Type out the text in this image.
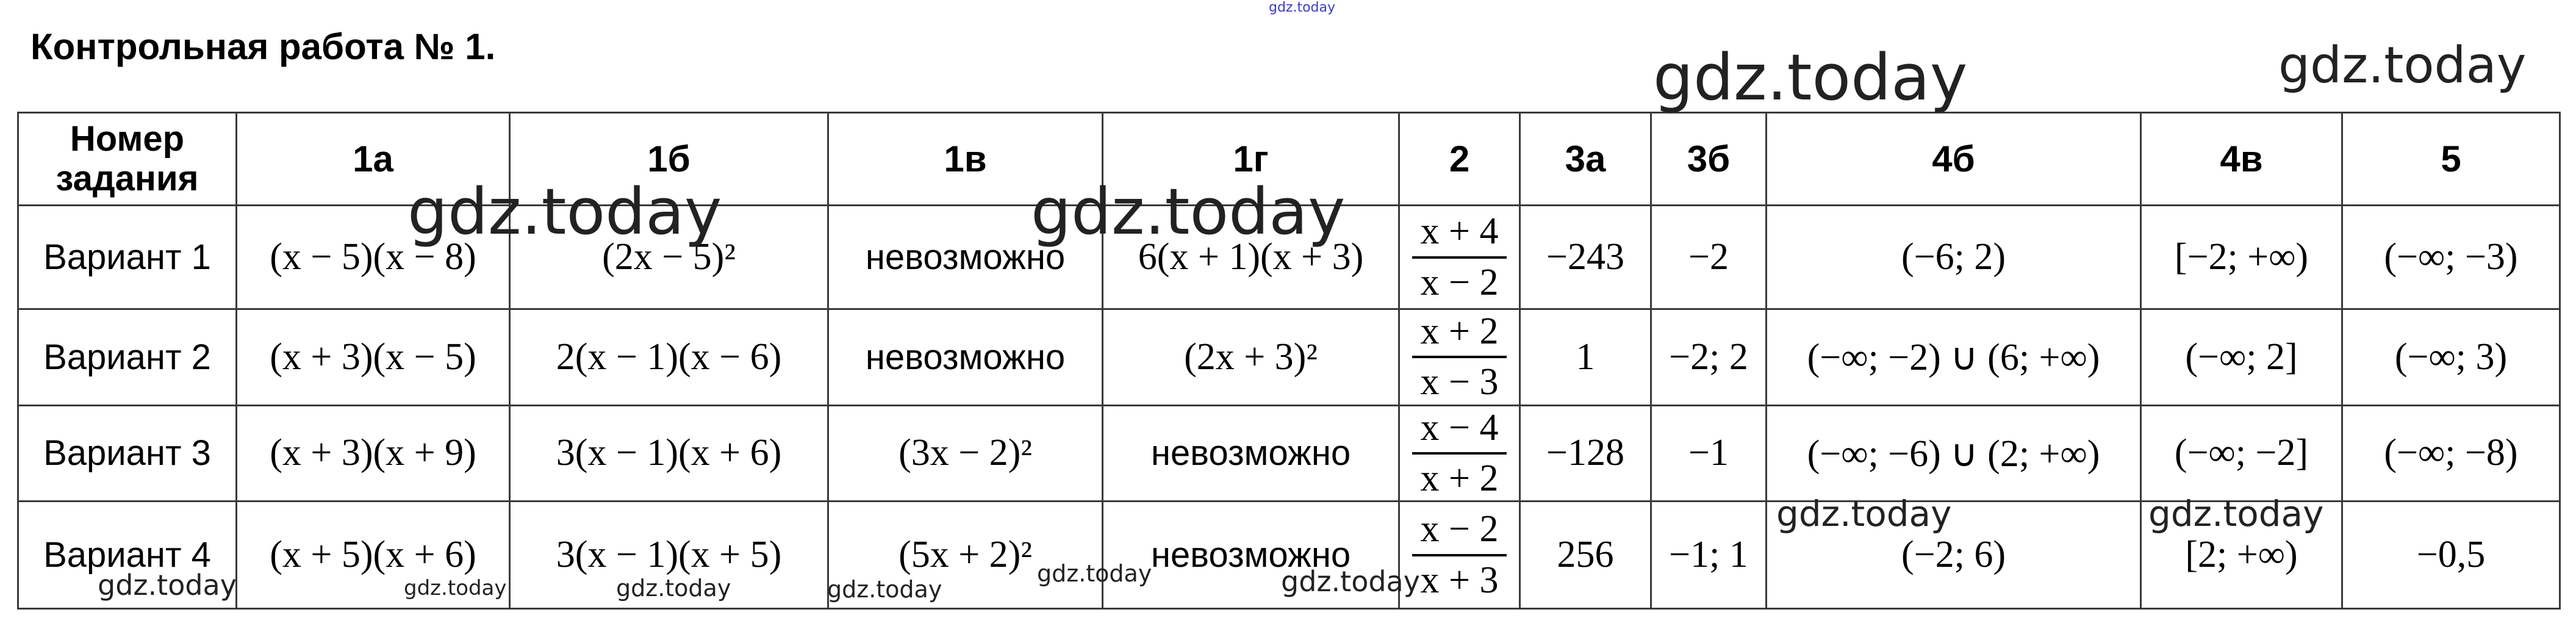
Контрольная работа № 1.
Номер задания	1а	1б	1в	1г	2	3а	3б	4б	4в	5
Вариант 1	(x − 5)(x − 8)	(2x − 5)²	невозможно	6(x + 1)(x + 3)	$\frac{x + 4}{x - 2}$	−243	−2	(−6; 2)	[−2; +∞)	(−∞; −3)
Вариант 2	(x + 3)(x − 5)	2(x − 1)(x − 6)	невозможно	(2x + 3)²	$\frac{x + 2}{x - 3}$	1	−2; 2	(−∞; −2) ∪ (6; +∞)	(−∞; 2]	(−∞; 3)
Вариант 3	(x + 3)(x + 9)	3(x − 1)(x + 6)	(3x − 2)²	невозможно	$\frac{x - 4}{x + 2}$	−128	−1	(−∞; −6) ∪ (2; +∞)	(−∞; −2]	(−∞; −8)
Вариант 4	(x + 5)(x + 6)	3(x − 1)(x + 5)	(5x + 2)²	невозможно	$\frac{x - 2}{x + 3}$	256	−1; 1	(−2; 6)	[2; +∞)	−0,5
gdz.today
gdz.today	gdz.today
gdz.today	gdz.today
gdz.today	gdz.today
gdz.today	gdz.today	gdz.today	gdz.today
gdz.today	gdz.today
